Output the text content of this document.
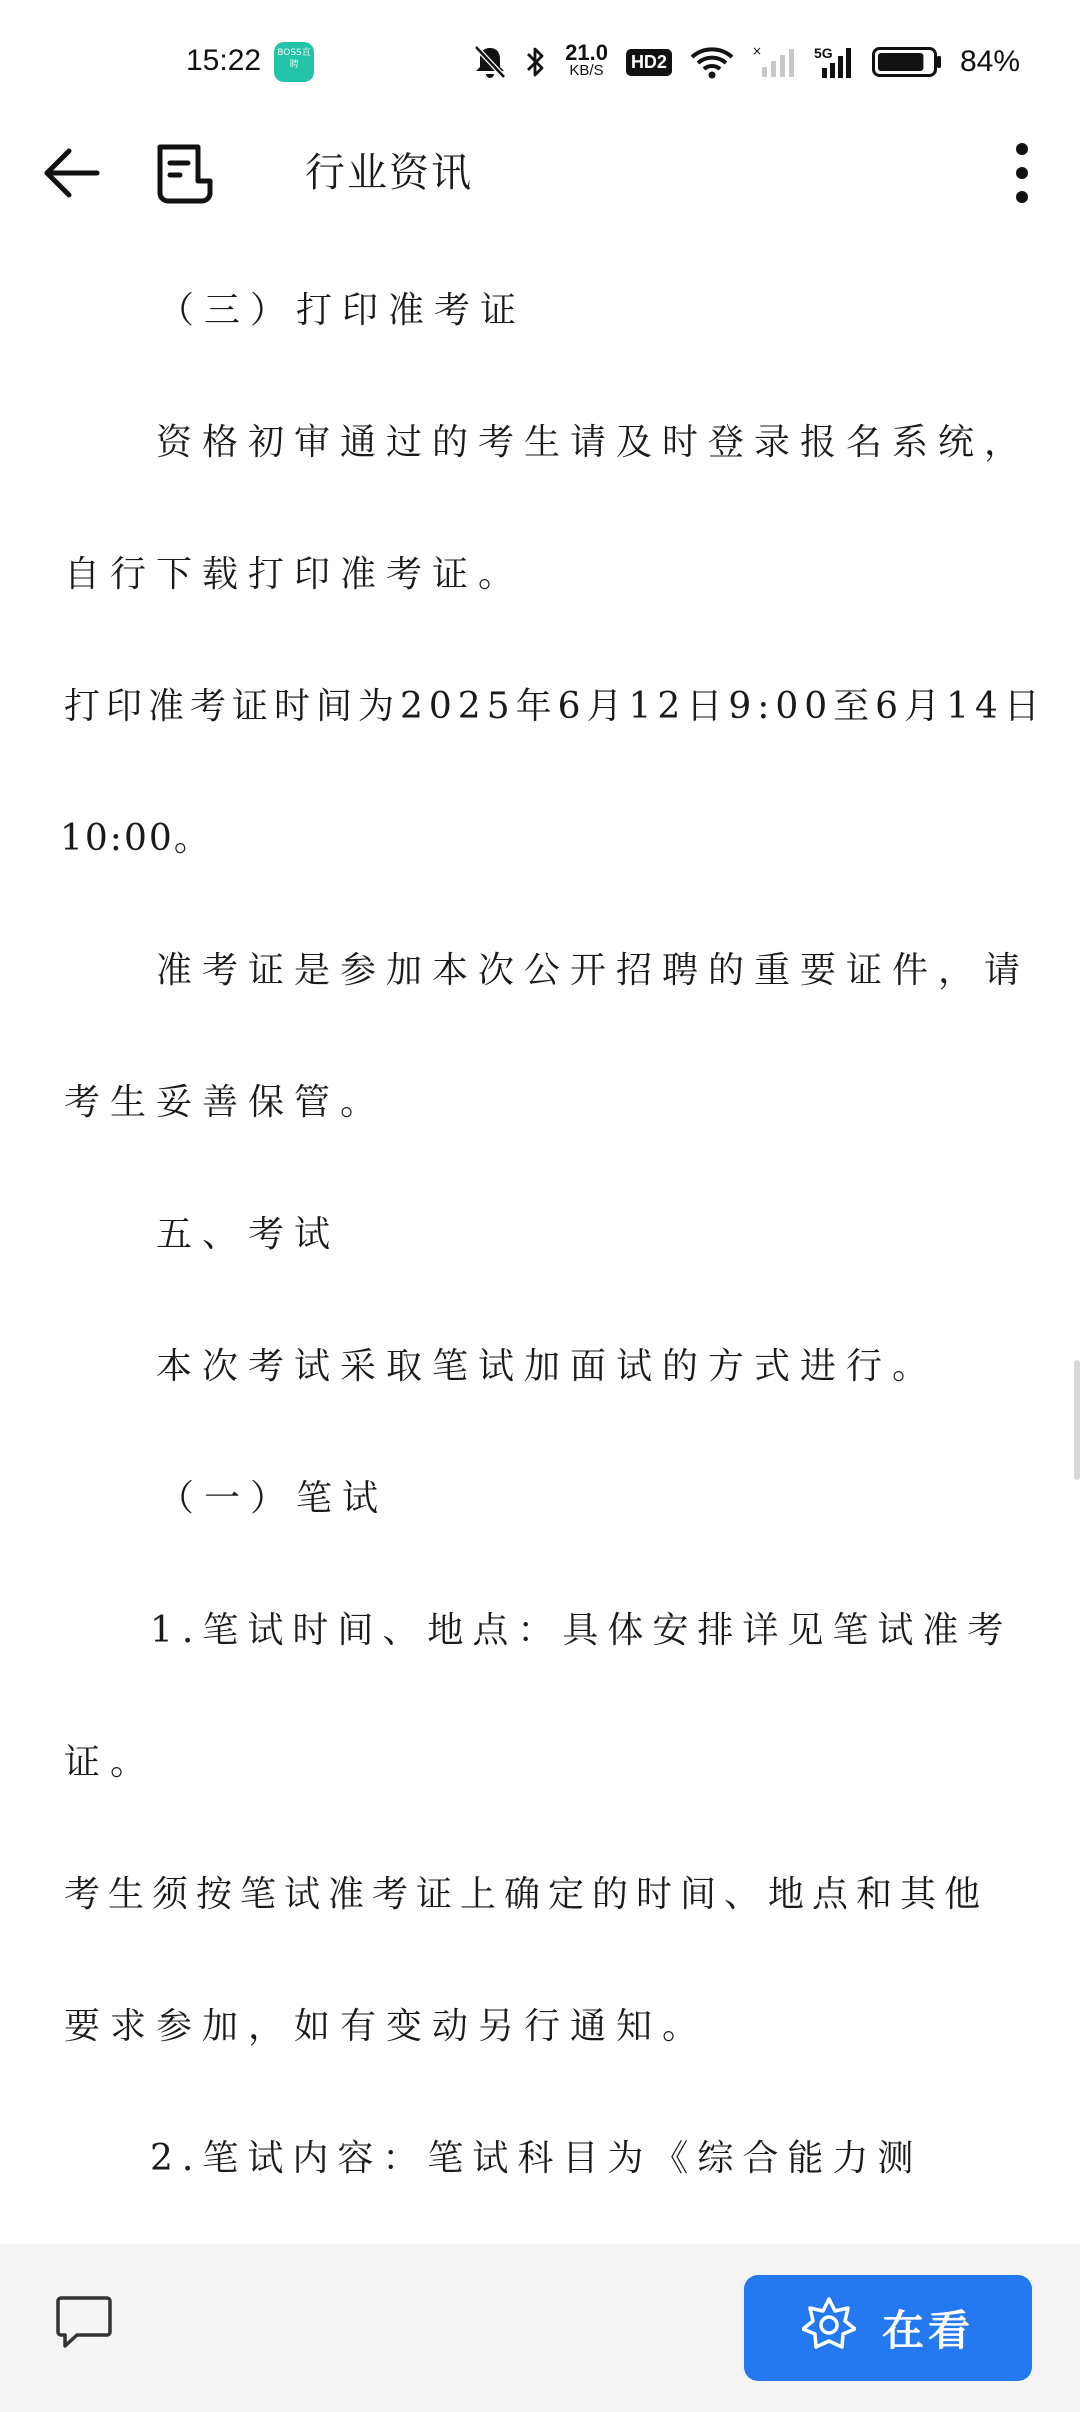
15:22	BOSS直聘	21.0
KB/S HD2
×	5G	84%
行业资讯
（三）打印准考证
资格初审通过的考生请及时登录报名系统，
自行下载打印准考证。
打印准考证时间为2025年6月12日9:00至6月14日
10:00。
准考证是参加本次公开招聘的重要证件，请
考生妥善保管。
五、考试
本次考试采取笔试加面试的方式进行。
（一）笔试
1.笔试时间、地点：具体安排详见笔试准考
证。
考生须按笔试准考证上确定的时间、地点和其他
要求参加，如有变动另行通知。
2.笔试内容：笔试科目为《综合能力测
在看
